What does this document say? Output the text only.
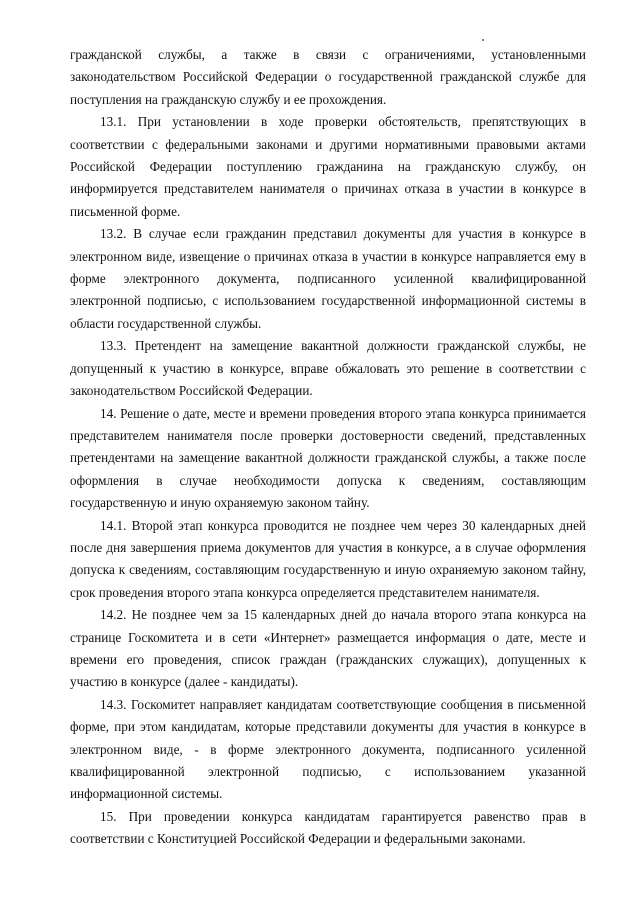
гражданской службы, а также в связи с ограничениями, установленными законодательством Российской Федерации о государственной гражданской службе для поступления на гражданскую службу и ее прохождения.

13.1. При установлении в ходе проверки обстоятельств, препятствующих в соответствии с федеральными законами и другими нормативными правовыми актами Российской Федерации поступлению гражданина на гражданскую службу, он информируется представителем нанимателя о причинах отказа в участии в конкурсе в письменной форме.

13.2. В случае если гражданин представил документы для участия в конкурсе в электронном виде, извещение о причинах отказа в участии в конкурсе направляется ему в форме электронного документа, подписанного усиленной квалифицированной электронной подписью, с использованием государственной информационной системы в области государственной службы.

13.3. Претендент на замещение вакантной должности гражданской службы, не допущенный к участию в конкурсе, вправе обжаловать это решение в соответствии с законодательством Российской Федерации.

14. Решение о дате, месте и времени проведения второго этапа конкурса принимается представителем нанимателя после проверки достоверности сведений, представленных претендентами на замещение вакантной должности гражданской службы, а также после оформления в случае необходимости допуска к сведениям, составляющим государственную и иную охраняемую законом тайну.

14.1. Второй этап конкурса проводится не позднее чем через 30 календарных дней после дня завершения приема документов для участия в конкурсе, а в случае оформления допуска к сведениям, составляющим государственную и иную охраняемую законом тайну, срок проведения второго этапа конкурса определяется представителем нанимателя.

14.2. Не позднее чем за 15 календарных дней до начала второго этапа конкурса на странице Госкомитета и в сети «Интернет» размещается информация о дате, месте и времени его проведения, список граждан (гражданских служащих), допущенных к участию в конкурсе (далее - кандидаты).

14.3. Госкомитет направляет кандидатам соответствующие сообщения в письменной форме, при этом кандидатам, которые представили документы для участия в конкурсе в электронном виде, - в форме электронного документа, подписанного усиленной квалифицированной электронной подписью, с использованием указанной информационной системы.

15. При проведении конкурса кандидатам гарантируется равенство прав в соответствии с Конституцией Российской Федерации и федеральными законами.
